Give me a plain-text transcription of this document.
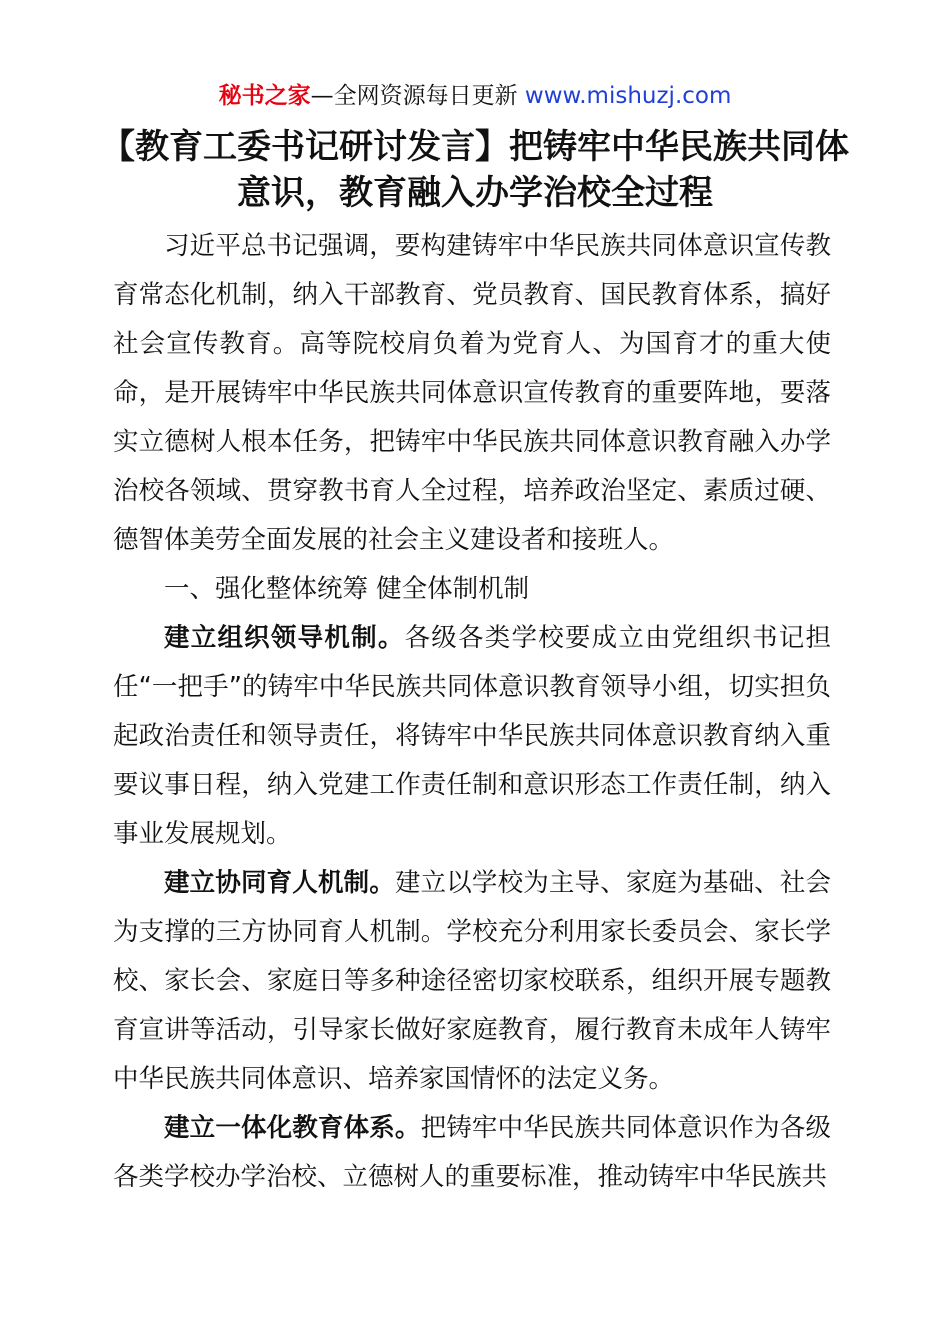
秘书之家—全网资源每日更新 www.mishuzj.com
【教育工委书记研讨发言】把铸牢中华民族共同体意识，教育融入办学治校全过程

习近平总书记强调，要构建铸牢中华民族共同体意识宣传教育常态化机制，纳入干部教育、党员教育、国民教育体系，搞好社会宣传教育。高等院校肩负着为党育人、为国育才的重大使命，是开展铸牢中华民族共同体意识宣传教育的重要阵地，要落实立德树人根本任务，把铸牢中华民族共同体意识教育融入办学治校各领域、贯穿教书育人全过程，培养政治坚定、素质过硬、德智体美劳全面发展的社会主义建设者和接班人。

一、强化整体统筹 健全体制机制

建立组织领导机制。各级各类学校要成立由党组织书记担任“一把手”的铸牢中华民族共同体意识教育领导小组，切实担负起政治责任和领导责任，将铸牢中华民族共同体意识教育纳入重要议事日程，纳入党建工作责任制和意识形态工作责任制，纳入事业发展规划。

建立协同育人机制。建立以学校为主导、家庭为基础、社会为支撑的三方协同育人机制。学校充分利用家长委员会、家长学校、家长会、家庭日等多种途径密切家校联系，组织开展专题教育宣讲等活动，引导家长做好家庭教育，履行教育未成年人铸牢中华民族共同体意识、培养家国情怀的法定义务。

建立一体化教育体系。把铸牢中华民族共同体意识作为各级各类学校办学治校、立德树人的重要标准，推动铸牢中华民族共
